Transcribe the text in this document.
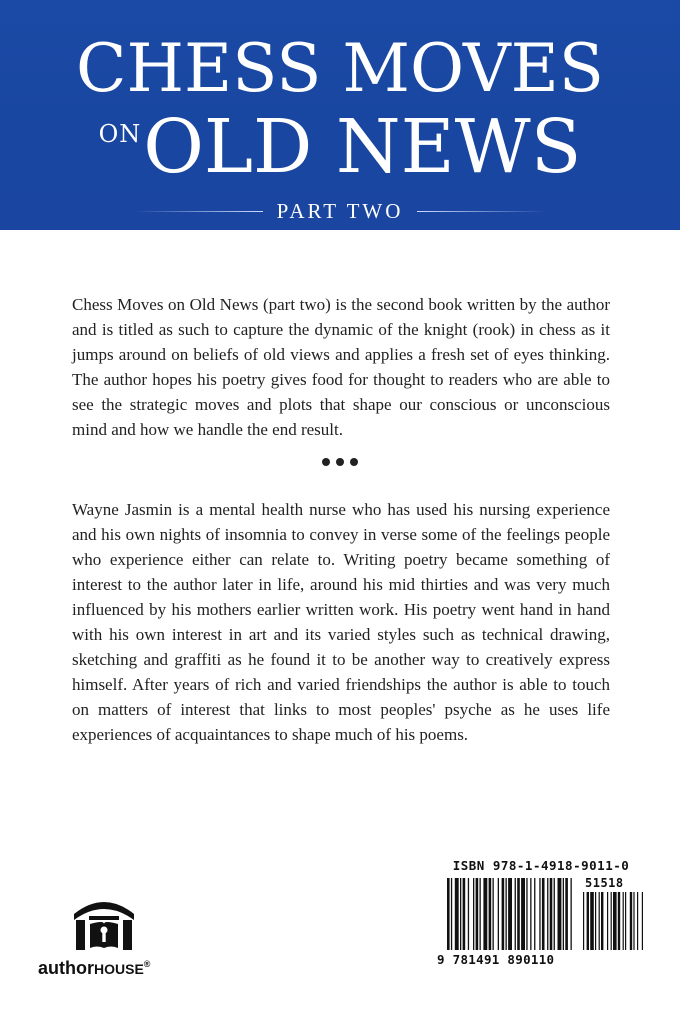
CHESS MOVES
$^{ON}$OLD NEWS
PART TWO

Chess Moves on Old News (part two) is the second book written by the author and is titled as such to capture the dynamic of the knight (rook) in chess as it jumps around on beliefs of old views and applies a fresh set of eyes thinking. The author hopes his poetry gives food for thought to readers who are able to see the strategic moves and plots that shape our conscious or unconscious mind and how we handle the end result.

Wayne Jasmin is a mental health nurse who has used his nursing experience and his own nights of insomnia to convey in verse some of the feelings people who experience either can relate to. Writing poetry became something of interest to the author later in life, around his mid thirties and was very much influenced by his mothers earlier written work. His poetry went hand in hand with his own interest in art and its varied styles such as technical drawing, sketching and graffiti as he found it to be another way to creatively express himself. After years of rich and varied friendships the author is able to touch on matters of interest that links to most peoples' psyche as he uses life experiences of acquaintances to shape much of his poems.

authorHOUSE®
ISBN 978-1-4918-9011-0
51518
9 781491 890110
